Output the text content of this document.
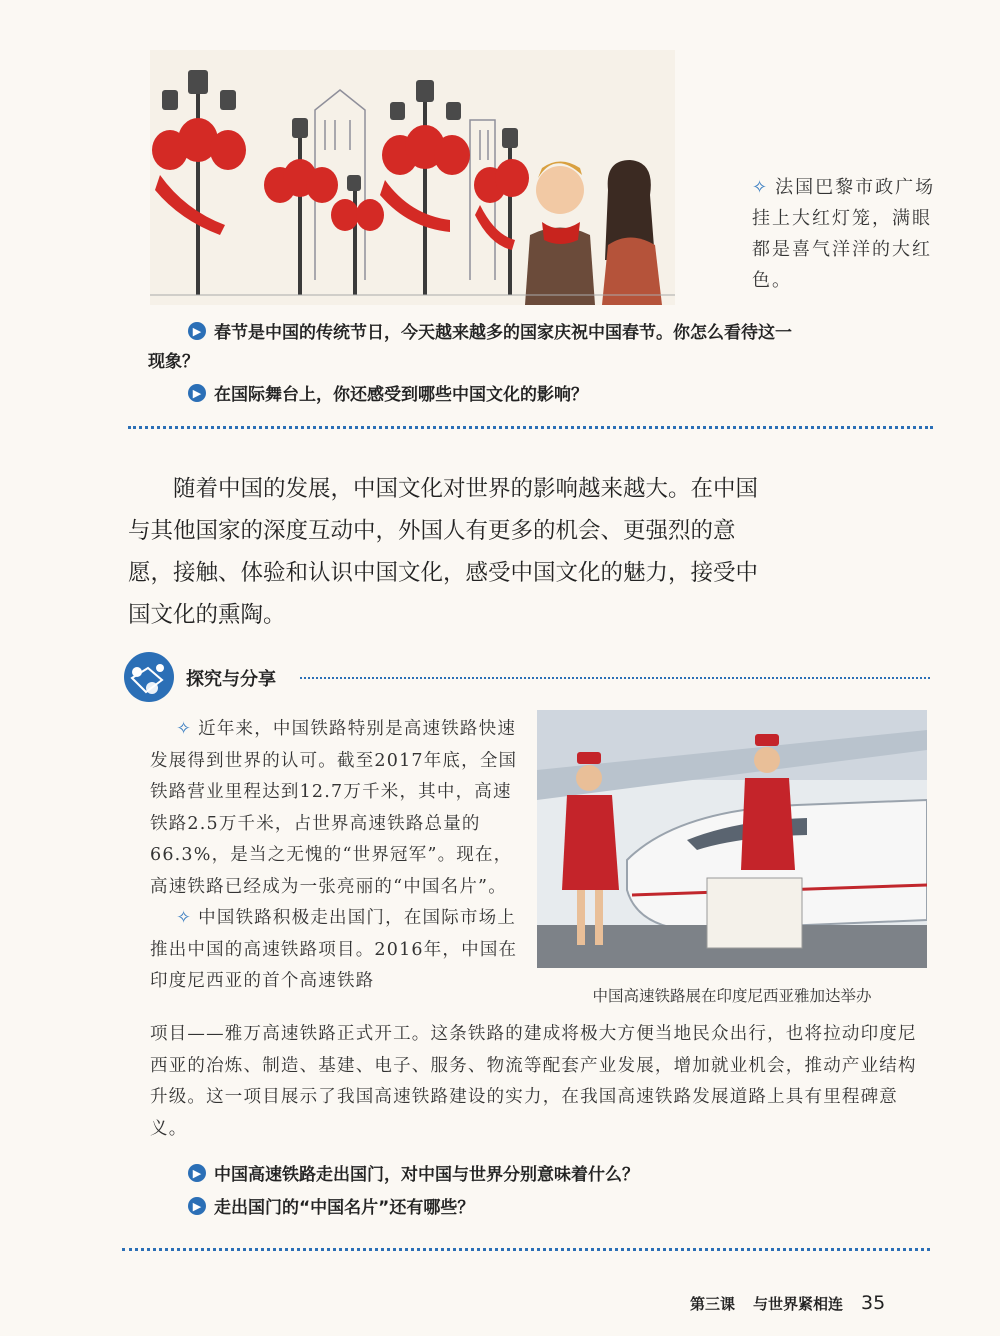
✧ 法国巴黎市政广场挂上大红灯笼，满眼都是喜气洋洋的大红色。
▶ 春节是中国的传统节日，今天越来越多的国家庆祝中国春节。你怎么看待这一
现象？
▶ 在国际舞台上，你还感受到哪些中国文化的影响？

随着中国的发展，中国文化对世界的影响越来越大。在中国与其他国家的深度互动中，外国人有更多的机会、更强烈的意愿，接触、体验和认识中国文化，感受中国文化的魅力，接受中国文化的熏陶。

探究与分享

✧ 近年来，中国铁路特别是高速铁路快速发展得到世界的认可。截至2017年底，全国铁路营业里程达到12.7万千米，其中，高速铁路2.5万千米，占世界高速铁路总量的66.3%，是当之无愧的“世界冠军”。现在，高速铁路已经成为一张亮丽的“中国名片”。

✧ 中国铁路积极走出国门，在国际市场上推出中国的高速铁路项目。2016年，中国在印度尼西亚的首个高速铁路

中国高速铁路展在印度尼西亚雅加达举办

项目——雅万高速铁路正式开工。这条铁路的建成将极大方便当地民众出行，也将拉动印度尼西亚的冶炼、制造、基建、电子、服务、物流等配套产业发展，增加就业机会，推动产业结构升级。这一项目展示了我国高速铁路建设的实力，在我国高速铁路发展道路上具有里程碑意义。

▶ 中国高速铁路走出国门，对中国与世界分别意味着什么？
▶ 走出国门的“中国名片”还有哪些？
第三课 与世界紧相连 35
